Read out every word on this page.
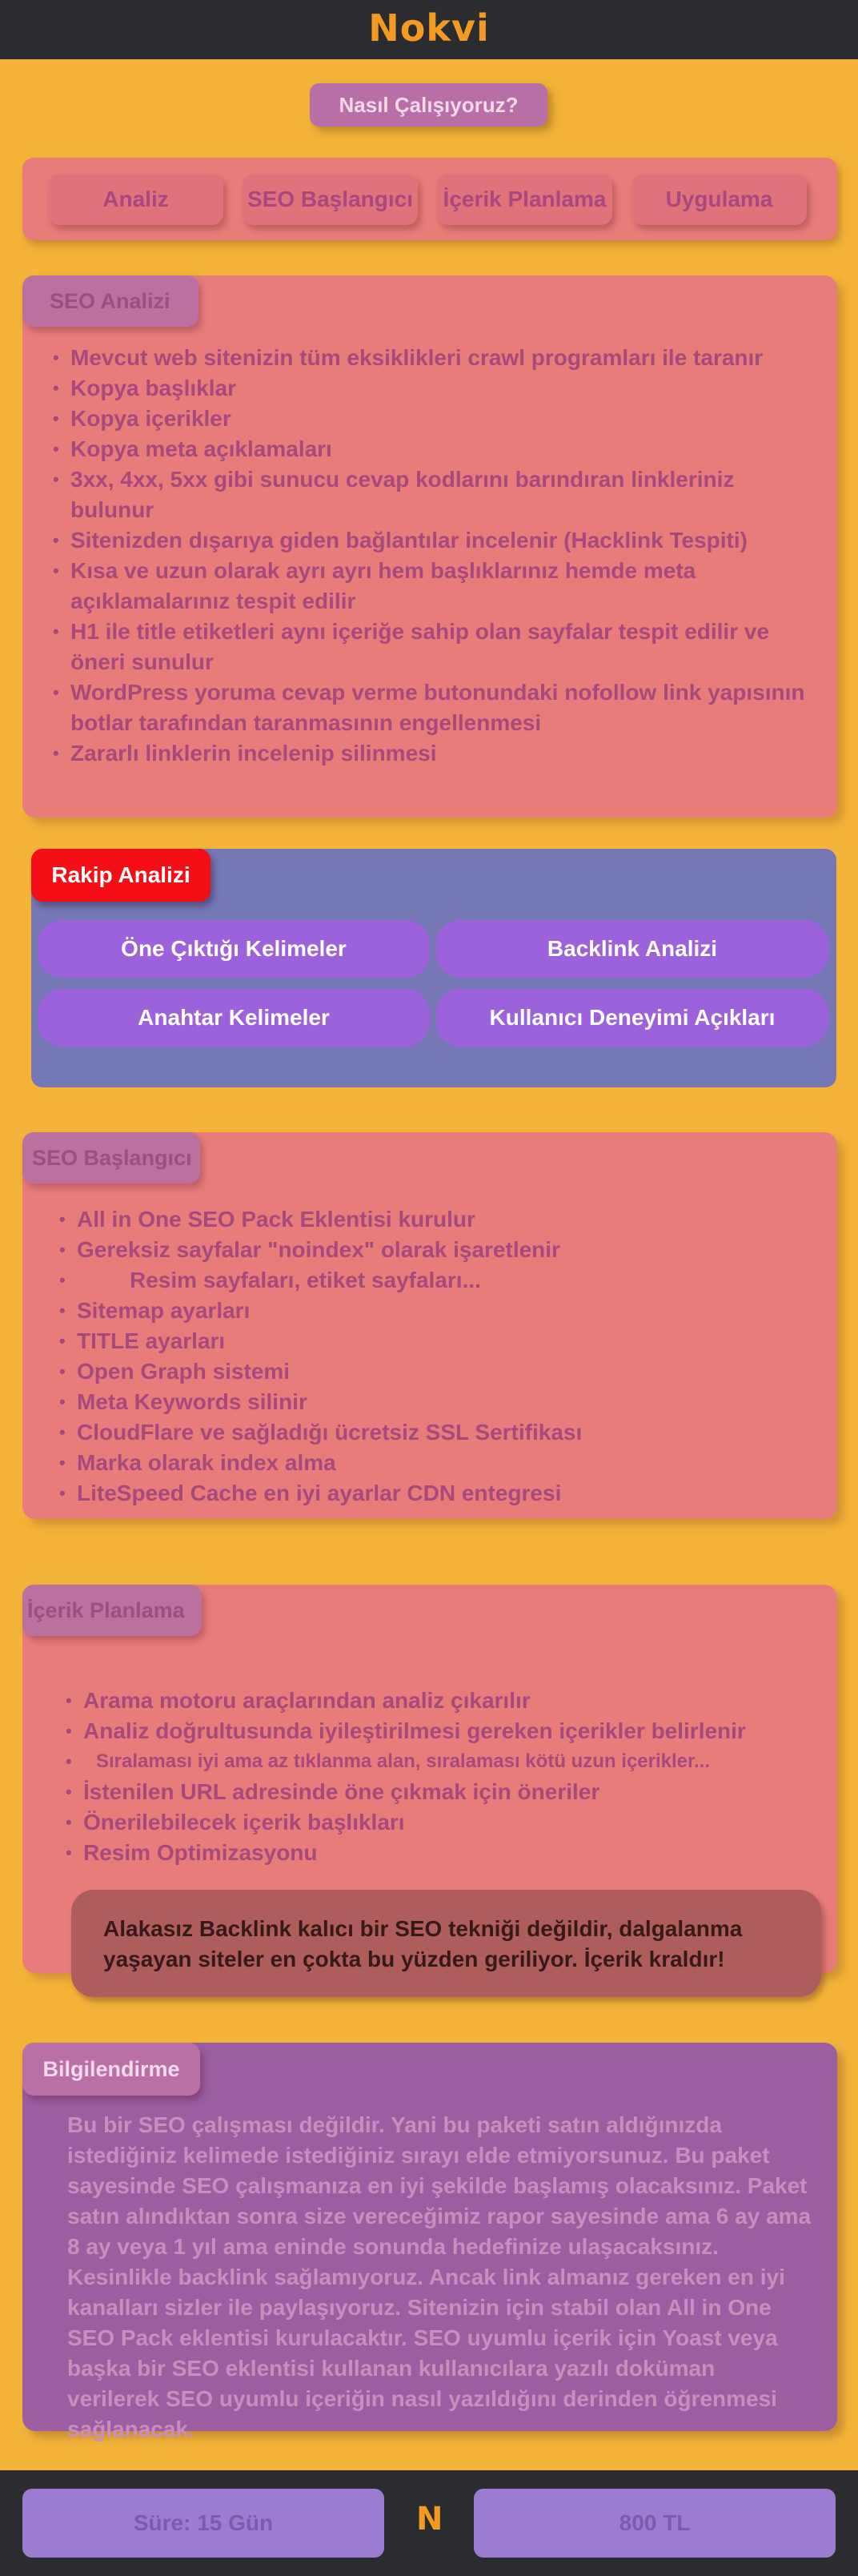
Nokvi
Nasıl Çalışıyoruz?
Analiz	SEO Başlangıcı İçerik Planlama	Uygulama
SEO Analizi
• Mevcut web sitenizin tüm eksiklikleri crawl programları ile taranır
• Kopya başlıklar
• Kopya içerikler
• Kopya meta açıklamaları
• 3xx, 4xx, 5xx gibi sunucu cevap kodlarını barındıran linkleriniz bulunur
• Sitenizden dışarıya giden bağlantılar incelenir (Hacklink Tespiti)
• Kısa ve uzun olarak ayrı ayrı hem başlıklarınız hemde meta açıklamalarınız tespit edilir
• H1 ile title etiketleri aynı içeriğe sahip olan sayfalar tespit edilir ve öneri sunulur
• WordPress yoruma cevap verme butonundaki nofollow link yapısının botlar tarafından taranmasının engellenmesi
• Zararlı linklerin incelenip silinmesi
Rakip Analizi
Öne Çıktığı Kelimeler	Backlink Analizi
Anahtar Kelimeler	Kullanıcı Deneyimi Açıkları
SEO Başlangıcı
• All in One SEO Pack Eklentisi kurulur
• Gereksiz sayfalar "noindex" olarak işaretlenir
• Resim sayfaları, etiket sayfaları...
• Sitemap ayarları
• TITLE ayarları
• Open Graph sistemi
• Meta Keywords silinir
• CloudFlare ve sağladığı ücretsiz SSL Sertifikası
• Marka olarak index alma
• LiteSpeed Cache en iyi ayarlar CDN entegresi
İçerik Planlama
• Arama motoru araçlarından analiz çıkarılır
• Analiz doğrultusunda iyileştirilmesi gereken içerikler belirlenir
• Sıralaması iyi ama az tıklanma alan, sıralaması kötü uzun içerikler...
• İstenilen URL adresinde öne çıkmak için öneriler
• Önerilebilecek içerik başlıkları
• Resim Optimizasyonu
Alakasız Backlink kalıcı bir SEO tekniği değildir, dalgalanma yaşayan siteler en çokta bu yüzden geriliyor. İçerik kraldır!
Bilgilendirme
Bu bir SEO çalışması değildir. Yani bu paketi satın aldığınızda istediğiniz kelimede istediğiniz sırayı elde etmiyorsunuz. Bu paket sayesinde SEO çalışmanıza en iyi şekilde başlamış olacaksınız. Paket satın alındıktan sonra size vereceğimiz rapor sayesinde ama 6 ay ama 8 ay veya 1 yıl ama eninde sonunda hedefinize ulaşacaksınız. Kesinlikle backlink sağlamıyoruz. Ancak link almanız gereken en iyi kanalları sizler ile paylaşıyoruz. Sitenizin için stabil olan All in One SEO Pack eklentisi kurulacaktır. SEO uyumlu içerik için Yoast veya başka bir SEO eklentisi kullanan kullanıcılara yazılı doküman verilerek SEO uyumlu içeriğin nasıl yazıldığını derinden öğrenmesi sağlanacak.
Süre: 15 Gün	N	800 TL
